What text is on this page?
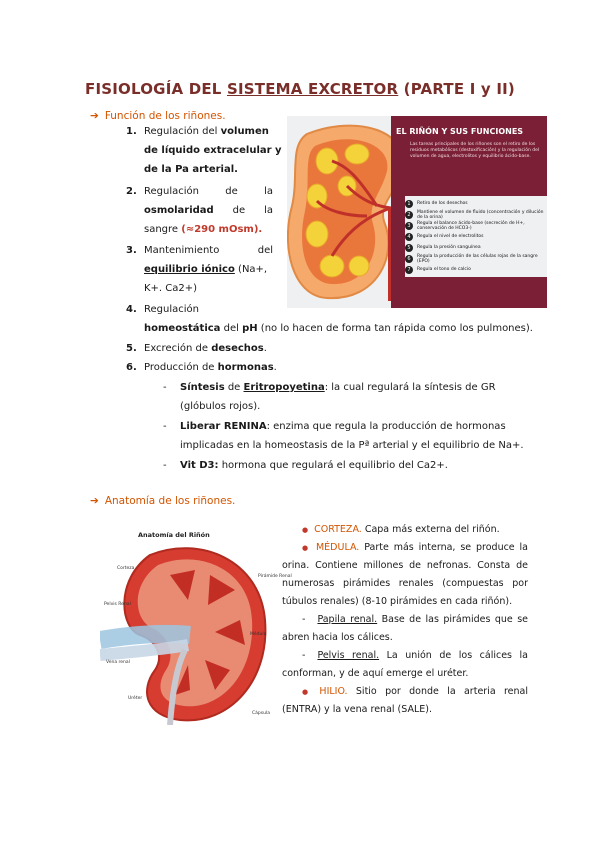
FISIOLOGÍA DEL SISTEMA EXCRETOR (PARTE I y II)
➔ Función de los riñones.
1. Regulación del volumen
de líquido extracelular y
de la Pa arterial.
2. Regulación	de	la
osmolaridad de la
sangre (≈290 mOsm).
3. Mantenimiento	del
equilibrio iónico (Na+,
K+. Ca2+)
4. Regulación
homeostática del pH (no lo hacen de forma tan rápida como los pulmones).
5. Excreción de desechos.
6. Producción de hormonas.
- Síntesis de Eritropoyetina: la cual regulará la síntesis de GR
(glóbulos rojos).
- Liberar RENINA: enzima que regula la producción de hormonas
implicadas en la homeostasis de la Pª arterial y el equilibrio de Na+.
- Vit D3: hormona que regulará el equilibrio del Ca2+.
EL RIÑÓN Y SUS FUNCIONES
Las tareas principales de los riñones son el retiro de los residuos metabólicos (destoxificación) y la regulación del volumen de agua, electrolitos y equilibrio ácido-base.
1	Retiro de los desechos
2	Mantiene el volumen de fluido (concentración y dilución de la orina)
3	Regula el balance ácido-base (secreción de H+, conservación de HCO3-)
4	Regula el nivel de electrolitos
5	Regula la presión sanguínea
6	Regula la producción de las células rojas de la sangre (EPO)
7	Regula el tono de calcio
➔ Anatomía de los riñones.
Anatomía del Riñón
Corteza
Pelvis Renal
Vena renal
Uréter
Pirámide Renal
Médula
Cápsula
● CORTEZA. Capa más externa del riñón.
● MÉDULA. Parte más interna, se produce la orina. Contiene millones de nefronas. Consta de numerosas pirámides renales (compuestas por túbulos renales) (8-10 pirámides en cada riñón).
- Papila renal. Base de las pirámides que se abren hacia los cálices.
- Pelvis renal. La unión de los cálices la conforman, y de aquí emerge el uréter.
● HILIO. Sitio por donde la arteria renal (ENTRA) y la vena renal (SALE).
